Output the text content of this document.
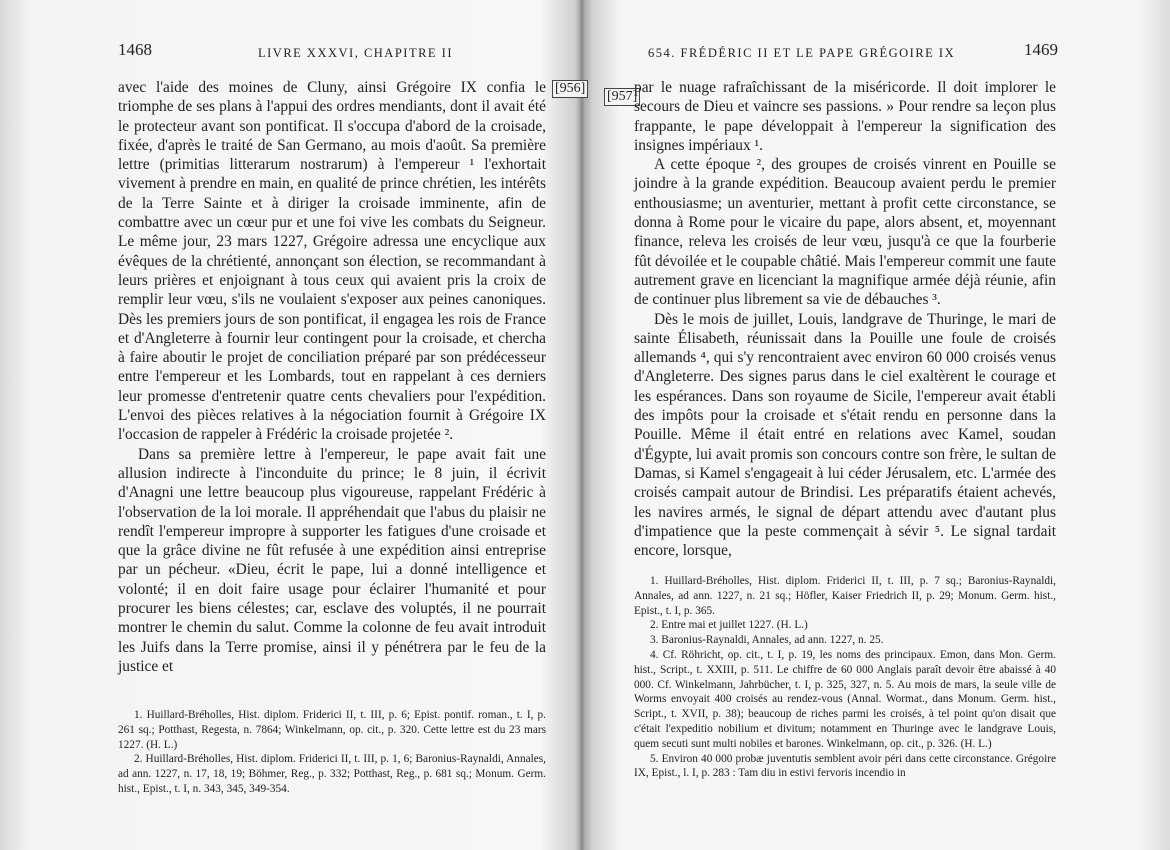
1468	LIVRE XXXVI, CHAPITRE II
[956]

avec l'aide des moines de Cluny, ainsi Grégoire IX confia le triomphe de ses plans à l'appui des ordres mendiants, dont il avait été le protecteur avant son pontificat. Il s'occupa d'abord de la croisade, fixée, d'après le traité de San Germano, au mois d'août. Sa première lettre (primitias litterarum nostrarum) à l'empereur ¹ l'exhortait vivement à prendre en main, en qualité de prince chrétien, les intérêts de la Terre Sainte et à diriger la croisade imminente, afin de combattre avec un cœur pur et une foi vive les combats du Seigneur. Le même jour, 23 mars 1227, Grégoire adressa une encyclique aux évêques de la chrétienté, annonçant son élection, se recommandant à leurs prières et enjoignant à tous ceux qui avaient pris la croix de remplir leur vœu, s'ils ne voulaient s'exposer aux peines canoniques. Dès les premiers jours de son pontificat, il engagea les rois de France et d'Angleterre à fournir leur contingent pour la croisade, et chercha à faire aboutir le projet de conciliation préparé par son prédécesseur entre l'empereur et les Lombards, tout en rappelant à ces derniers leur promesse d'entretenir quatre cents chevaliers pour l'expédition. L'envoi des pièces relatives à la négociation fournit à Grégoire IX l'occasion de rappeler à Frédéric la croisade projetée ².

Dans sa première lettre à l'empereur, le pape avait fait une allusion indirecte à l'inconduite du prince; le 8 juin, il écrivit d'Anagni une lettre beaucoup plus vigoureuse, rappelant Frédéric à l'observation de la loi morale. Il appréhendait que l'abus du plaisir ne rendît l'empereur impropre à supporter les fatigues d'une croisade et que la grâce divine ne fût refusée à une expédition ainsi entreprise par un pécheur. «Dieu, écrit le pape, lui a donné intelligence et volonté; il en doit faire usage pour éclairer l'humanité et pour procurer les biens célestes; car, esclave des voluptés, il ne pourrait montrer le chemin du salut. Comme la colonne de feu avait introduit les Juifs dans la Terre promise, ainsi il y pénétrera par le feu de la justice et

1. Huillard-Bréholles, Hist. diplom. Friderici II, t. III, p. 6; Epist. pontif. roman., t. I, p. 261 sq.; Potthast, Regesta, n. 7864; Winkelmann, op. cit., p. 320. Cette lettre est du 23 mars 1227. (H. L.)

2. Huillard-Bréholles, Hist. diplom. Friderici II, t. III, p. 1, 6; Baronius-Raynaldi, Annales, ad ann. 1227, n. 17, 18, 19; Böhmer, Reg., p. 332; Potthast, Reg., p. 681 sq.; Monum. Germ. hist., Epist., t. I, n. 343, 345, 349-354.

654. FRÉDÉRIC II ET LE PAPE GRÉGOIRE IX	1469
[957]

par le nuage rafraîchissant de la miséricorde. Il doit implorer le secours de Dieu et vaincre ses passions. » Pour rendre sa leçon plus frappante, le pape développait à l'empereur la signification des insignes impériaux ¹.

A cette époque ², des groupes de croisés vinrent en Pouille se joindre à la grande expédition. Beaucoup avaient perdu le premier enthousiasme; un aventurier, mettant à profit cette circonstance, se donna à Rome pour le vicaire du pape, alors absent, et, moyennant finance, releva les croisés de leur vœu, jusqu'à ce que la fourberie fût dévoilée et le coupable châtié. Mais l'empereur commit une faute autrement grave en licenciant la magnifique armée déjà réunie, afin de continuer plus librement sa vie de débauches ³.

Dès le mois de juillet, Louis, landgrave de Thuringe, le mari de sainte Élisabeth, réunissait dans la Pouille une foule de croisés allemands ⁴, qui s'y rencontraient avec environ 60 000 croisés venus d'Angleterre. Des signes parus dans le ciel exaltèrent le courage et les espérances. Dans son royaume de Sicile, l'empereur avait établi des impôts pour la croisade et s'était rendu en personne dans la Pouille. Même il était entré en relations avec Kamel, soudan d'Égypte, lui avait promis son concours contre son frère, le sultan de Damas, si Kamel s'engageait à lui céder Jérusalem, etc. L'armée des croisés campait autour de Brindisi. Les préparatifs étaient achevés, les navires armés, le signal de départ attendu avec d'autant plus d'impatience que la peste commençait à sévir ⁵. Le signal tardait encore, lorsque,

1. Huillard-Bréholles, Hist. diplom. Friderici II, t. III, p. 7 sq.; Baronius-Raynaldi, Annales, ad ann. 1227, n. 21 sq.; Höfler, Kaiser Friedrich II, p. 29; Monum. Germ. hist., Epist., t. I, p. 365.

2. Entre mai et juillet 1227. (H. L.)

3. Baronius-Raynaldi, Annales, ad ann. 1227, n. 25.

4. Cf. Röhricht, op. cit., t. I, p. 19, les noms des principaux. Emon, dans Mon. Germ. hist., Script., t. XXIII, p. 511. Le chiffre de 60 000 Anglais paraît devoir être abaissé à 40 000. Cf. Winkelmann, Jahrbücher, t. I, p. 325, 327, n. 5. Au mois de mars, la seule ville de Worms envoyait 400 croisés au rendez-vous (Annal. Wormat., dans Monum. Germ. hist., Script., t. XVII, p. 38); beaucoup de riches parmi les croisés, à tel point qu'on disait que c'était l'expeditio nobilium et divitum; notamment en Thuringe avec le landgrave Louis, quem secuti sunt multi nobiles et barones. Winkelmann, op. cit., p. 326. (H. L.)

5. Environ 40 000 probæ juventutis semblent avoir péri dans cette circonstance. Grégoire IX, Epist., l. I, p. 283 : Tam diu in estivi fervoris incendio in
